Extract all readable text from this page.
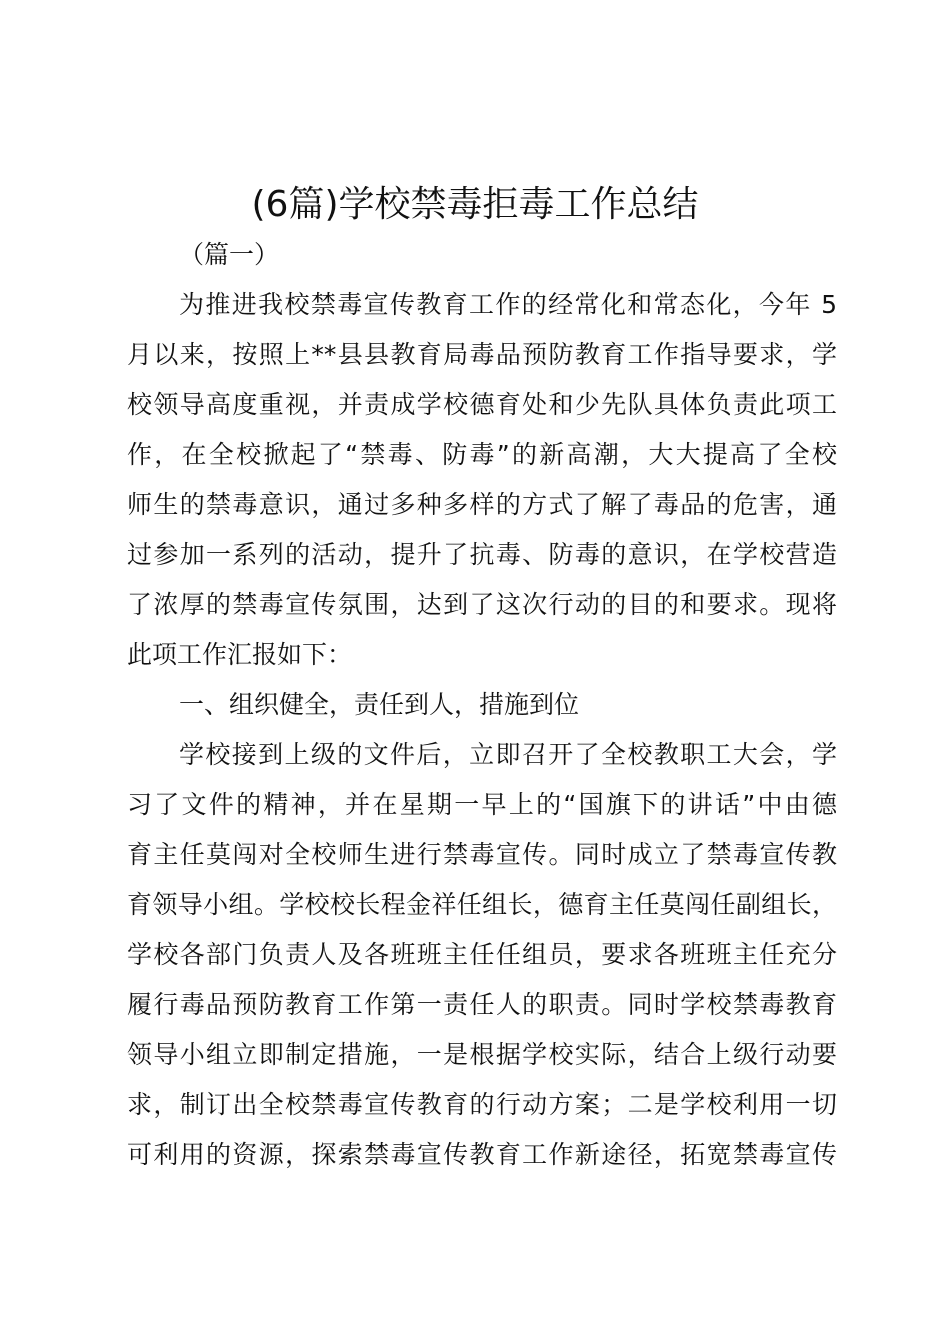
(6篇)学校禁毒拒毒工作总结

（篇一）

为推进我校禁毒宣传教育工作的经常化和常态化，今年 5
月以来，按照上**县县教育局毒品预防教育工作指导要求，学
校领导高度重视，并责成学校德育处和少先队具体负责此项工
作，在全校掀起了“禁毒、防毒”的新高潮，大大提高了全校
师生的禁毒意识，通过多种多样的方式了解了毒品的危害，通
过参加一系列的活动，提升了抗毒、防毒的意识，在学校营造
了浓厚的禁毒宣传氛围，达到了这次行动的目的和要求。现将
此项工作汇报如下：

一、组织健全，责任到人，措施到位

学校接到上级的文件后，立即召开了全校教职工大会，学
习了文件的精神，并在星期一早上的“国旗下的讲话”中由德
育主任莫闯对全校师生进行禁毒宣传。同时成立了禁毒宣传教
育领导小组。学校校长程金祥任组长，德育主任莫闯任副组长，
学校各部门负责人及各班班主任任组员，要求各班班主任充分
履行毒品预防教育工作第一责任人的职责。同时学校禁毒教育
领导小组立即制定措施，一是根据学校实际，结合上级行动要
求，制订出全校禁毒宣传教育的行动方案；二是学校利用一切
可利用的资源，探索禁毒宣传教育工作新途径，拓宽禁毒宣传
